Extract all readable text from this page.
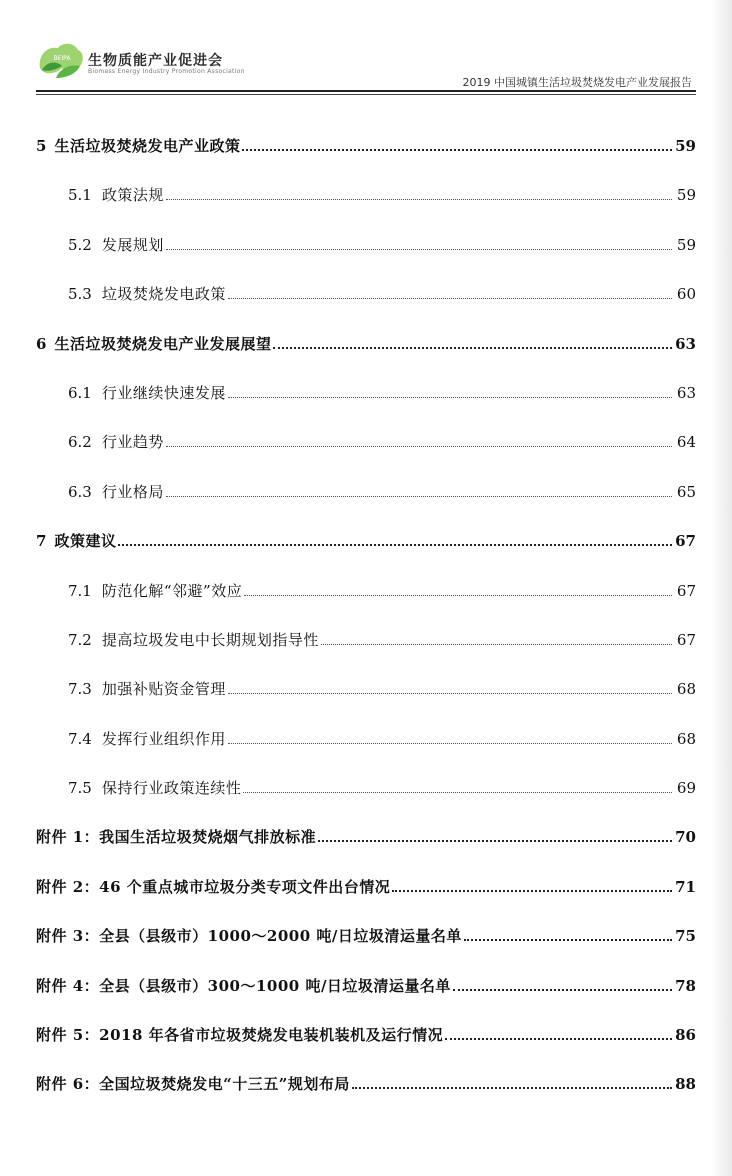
BEIPA 生物质能产业促进会
Biomass Energy Industry Promotion Association
2019 中国城镇生活垃圾焚烧发电产业发展报告
5 生活垃圾焚烧发电产业政策	59
5.1 政策法规	59
5.2 发展规划	59
5.3 垃圾焚烧发电政策	60
6 生活垃圾焚烧发电产业发展展望	63
6.1 行业继续快速发展	63
6.2 行业趋势	64
6.3 行业格局	65
7 政策建议	67
7.1 防范化解“邻避”效应	67
7.2 提高垃圾发电中长期规划指导性	67
7.3 加强补贴资金管理	68
7.4 发挥行业组织作用	68
7.5 保持行业政策连续性	69
附件 1：我国生活垃圾焚烧烟气排放标准	70
附件 2：46 个重点城市垃圾分类专项文件出台情况	71
附件 3：全县（县级市）1000～2000 吨/日垃圾清运量名单	75
附件 4：全县（县级市）300～1000 吨/日垃圾清运量名单	78
附件 5：2018 年各省市垃圾焚烧发电装机装机及运行情况	86
附件 6：全国垃圾焚烧发电“十三五”规划布局	88
